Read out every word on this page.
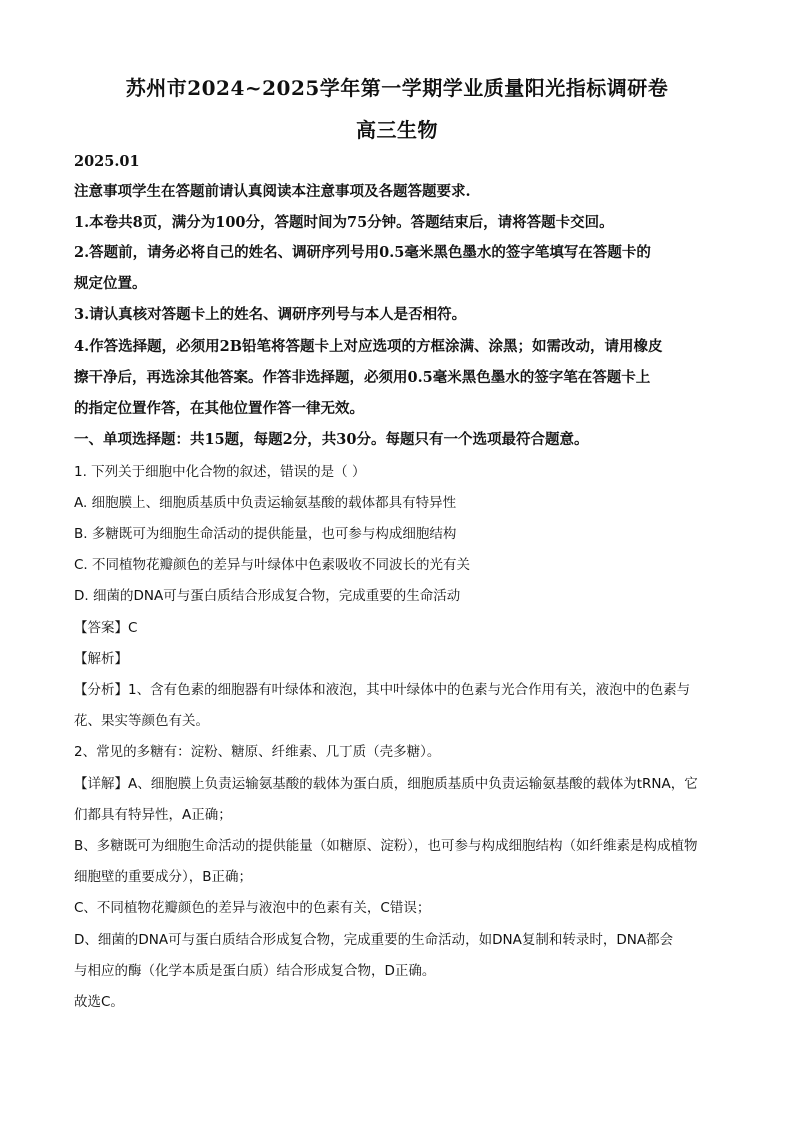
苏州市2024~2025学年第一学期学业质量阳光指标调研卷
高三生物
2025.01
注意事项学生在答题前请认真阅读本注意事项及各题答题要求.
1.本卷共8页，满分为100分，答题时间为75分钟。答题结束后，请将答题卡交回。
2.答题前，请务必将自己的姓名、调研序列号用0.5毫米黑色墨水的签字笔填写在答题卡的
规定位置。
3.请认真核对答题卡上的姓名、调研序列号与本人是否相符。
4.作答选择题，必须用2B铅笔将答题卡上对应选项的方框涂满、涂黑；如需改动，请用橡皮
擦干净后，再选涂其他答案。作答非选择题，必须用0.5毫米黑色墨水的签字笔在答题卡上
的指定位置作答，在其他位置作答一律无效。
一、单项选择题：共15题，每题2分，共30分。每题只有一个选项最符合题意。
1. 下列关于细胞中化合物的叙述，错误的是（ ）
A. 细胞膜上、细胞质基质中负责运输氨基酸的载体都具有特异性
B. 多糖既可为细胞生命活动的提供能量，也可参与构成细胞结构
C. 不同植物花瓣颜色的差异与叶绿体中色素吸收不同波长的光有关
D. 细菌的DNA可与蛋白质结合形成复合物，完成重要的生命活动
【答案】C
【解析】
【分析】1、含有色素的细胞器有叶绿体和液泡，其中叶绿体中的色素与光合作用有关，液泡中的色素与
花、果实等颜色有关。
2、常见的多糖有：淀粉、糖原、纤维素、几丁质（壳多糖）。
【详解】A、细胞膜上负责运输氨基酸的载体为蛋白质，细胞质基质中负责运输氨基酸的载体为tRNA，它
们都具有特异性，A正确；
B、多糖既可为细胞生命活动的提供能量（如糖原、淀粉），也可参与构成细胞结构（如纤维素是构成植物
细胞壁的重要成分），B正确；
C、不同植物花瓣颜色的差异与液泡中的色素有关，C错误；
D、细菌的DNA可与蛋白质结合形成复合物，完成重要的生命活动，如DNA复制和转录时，DNA都会
与相应的酶（化学本质是蛋白质）结合形成复合物，D正确。
故选C。
